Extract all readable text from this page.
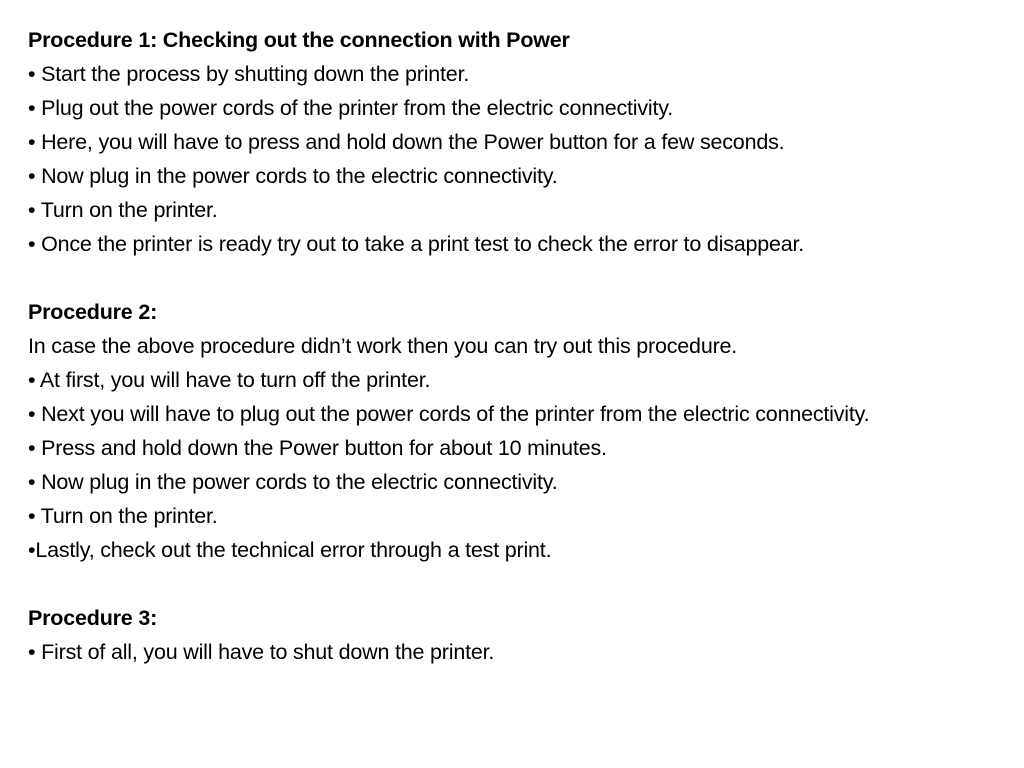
Procedure 1: Checking out the connection with Power

• Start the process by shutting down the printer.

• Plug out the power cords of the printer from the electric connectivity.

• Here, you will have to press and hold down the Power button for a few seconds.

• Now plug in the power cords to the electric connectivity.

• Turn on the printer.

• Once the printer is ready try out to take a print test to check the error to disappear.

Procedure 2:

In case the above procedure didn’t work then you can try out this procedure.

• At first, you will have to turn off the printer.

• Next you will have to plug out the power cords of the printer from the electric connectivity.

• Press and hold down the Power button for about 10 minutes.

• Now plug in the power cords to the electric connectivity.

• Turn on the printer.

•Lastly, check out the technical error through a test print.

Procedure 3:

• First of all, you will have to shut down the printer.
